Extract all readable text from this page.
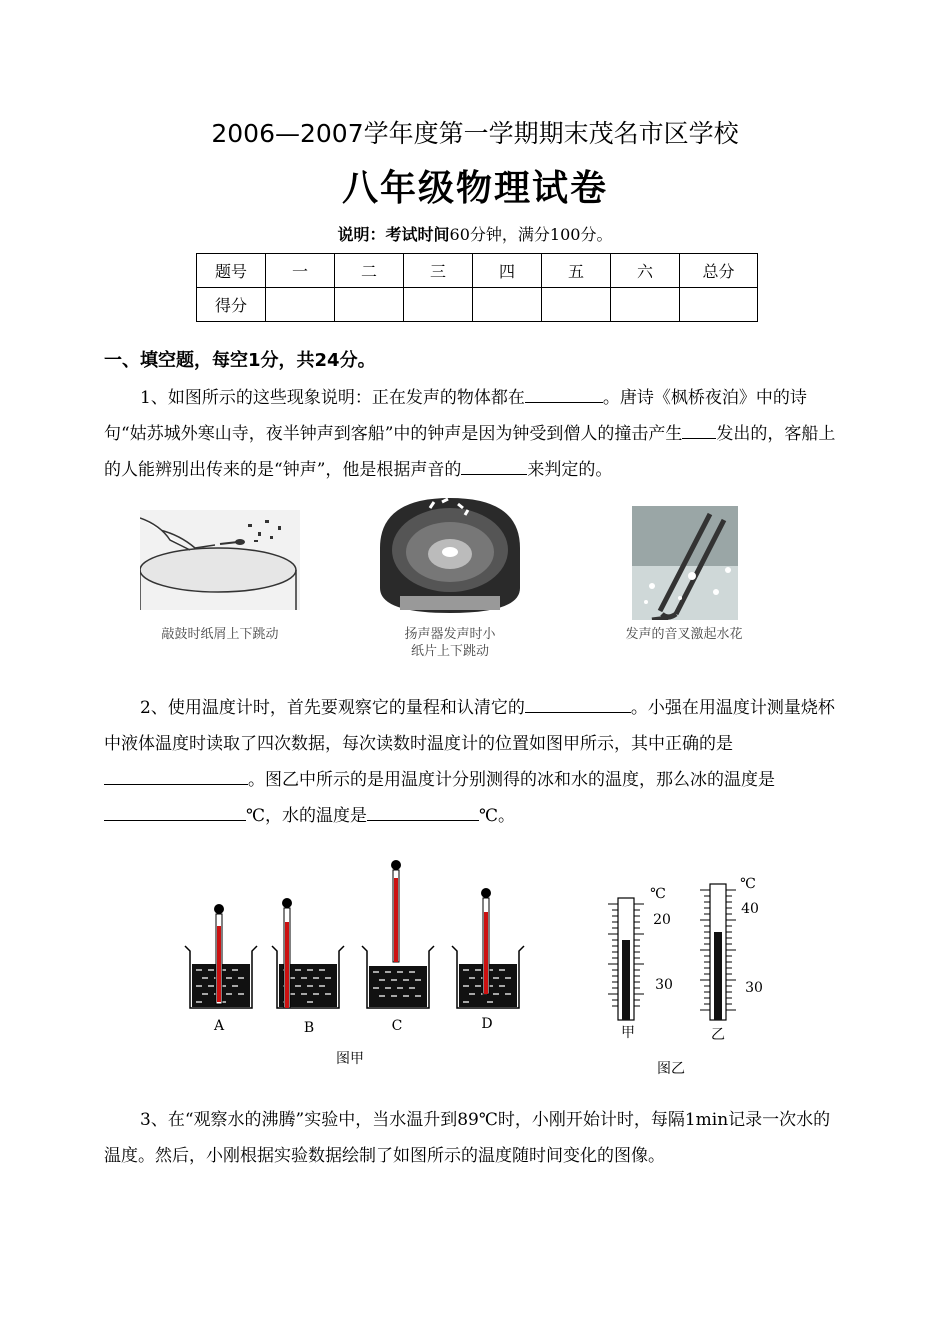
2006—2007学年度第一学期期末茂名市区学校
八年级物理试卷
说明：考试时间60分钟，满分100分。
题号	一	二	三	四	五	六	总分
得分							
一、填空题，每空1分，共24分。

1、如图所示的这些现象说明：正在发声的物体都在	。唐诗《枫桥夜泊》中的诗句“姑苏城外寒山寺，夜半钟声到客船”中的钟声是因为钟受到僧人的撞击产生 发出的，客船上的人能辨别出传来的是“钟声”，他是根据声音的	来判定的。

敲鼓时纸屑上下跳动	扬声器发声时小
纸片上下跳动
发声的音叉激起水花

2、使用温度计时，首先要观察它的量程和认清它的	。小强在用温度计测量烧杯中液体温度时读取了四次数据，每次读数时温度计的位置如图甲所示，其中正确的是。图乙中所示的是用温度计分别测得的冰和水的温度，那么冰的温度是℃，水的温度是	℃。

A	B	C	D
图甲
℃
20
30
甲
℃
40
30
乙
图乙

3、在“观察水的沸腾”实验中，当水温升到89℃时，小刚开始计时，每隔1min记录一次水的温度。然后，小刚根据实验数据绘制了如图所示的温度随时间变化的图像。
